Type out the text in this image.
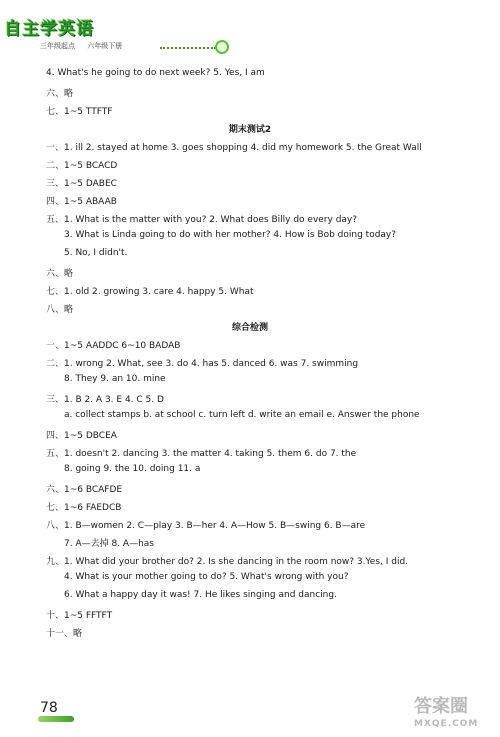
自主学英语
三年级起点 六年级下册
4. What's he going to do next week? 5. Yes, I am
六、略
七、1~5 TTFTF
期末测试2
一、1. ill 2. stayed at home 3. goes shopping 4. did my homework 5. the Great Wall
二、1~5 BCACD
三、1~5 DABEC
四、1~5 ABAAB
五、1. What is the matter with you? 2. What does Billy do every day?
3. What is Linda going to do with her mother? 4. How is Bob doing today?
5. No, I didn't.
六、略
七、1. old 2. growing 3. care 4. happy 5. What
八、略
综合检测
一、1~5 AADDC 6~10 BADAB
二、1. wrong 2. What, see 3. do 4. has 5. danced 6. was 7. swimming
8. They 9. an 10. mine
三、1. B 2. A 3. E 4. C 5. D
a. collect stamps b. at school c. turn left d. write an email e. Answer the phone
四、1~5 DBCEA
五、1. doesn't 2. dancing 3. the matter 4. taking 5. them 6. do 7. the
8. going 9. the 10. doing 11. a
六、1~6 BCAFDE
七、1~6 FAEDCB
八、1. B—women 2. C—play 3. B—her 4. A—How 5. B—swing 6. B—are
7. A—去掉 8. A—has
九、1. What did your brother do? 2. Is she dancing in the room now? 3.Yes, I did.
4. What is your mother going to do? 5. What's wrong with you?
6. What a happy day it was! 7. He likes singing and dancing.
十、1~5 FFTFT
十一、略
78	答案圈
MXQE.COM
